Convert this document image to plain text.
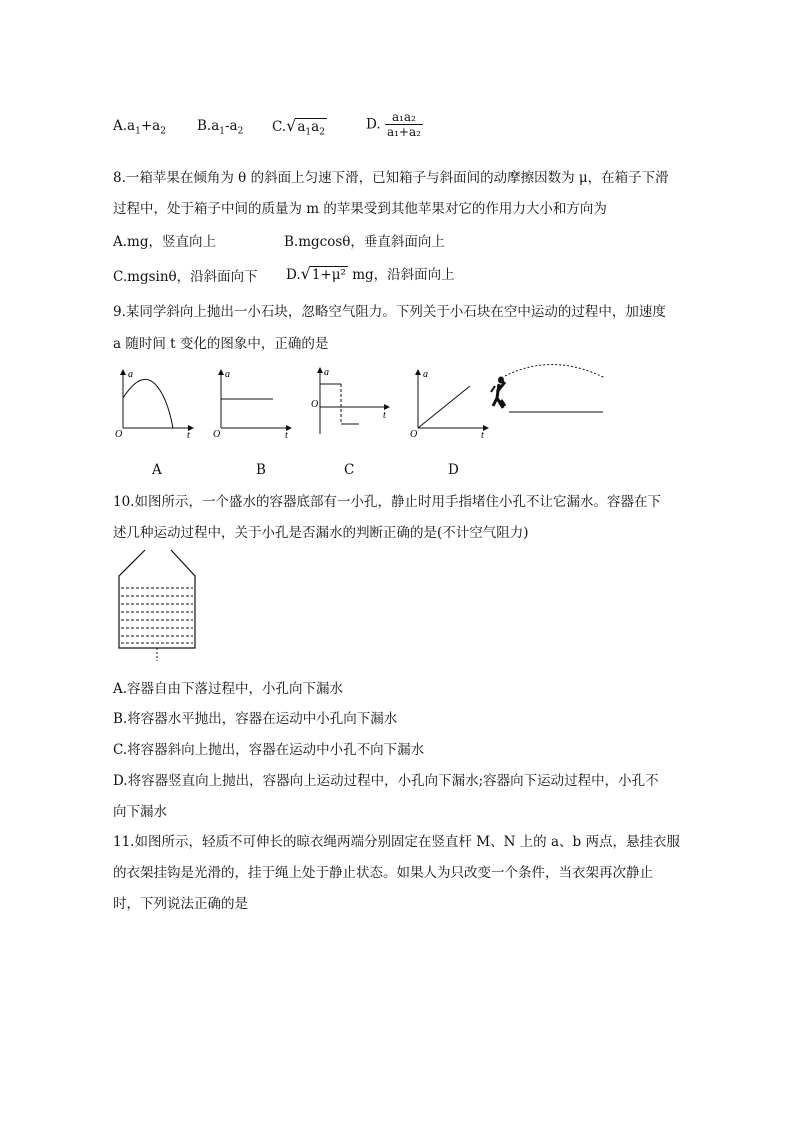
$A.a_1+a_2$ $B.a_1-a_2$ $C.√a_1a_2$
D. $\frac{\text{a₁a₂}}{\text{a₁+a₂}}$
8.一箱苹果在倾角为 θ 的斜面上匀速下滑，已知箱子与斜面间的动摩擦因数为 μ，在箱子下滑
过程中，处于箱子中间的质量为 m 的苹果受到其他苹果对它的作用力大小和方向为
A.mg，竖直向上	B.mgcosθ，垂直斜面向上
C.mgsinθ，沿斜面向下 D.√1+μ² mg，沿斜面向上
9.某同学斜向上抛出一小石块，忽略空气阻力。下列关于小石块在空中运动的过程中，加速度
a 随时间 t 变化的图象中，正确的是
a
t
O
a
t
O
a
t
O
a
t
O
A	B	C	D
10.如图所示，一个盛水的容器底部有一小孔，静止时用手指堵住小孔不让它漏水。容器在下
述几种运动过程中，关于小孔是否漏水的判断正确的是(不计空气阻力)
A.容器自由下落过程中，小孔向下漏水
B.将容器水平抛出，容器在运动中小孔向下漏水
C.将容器斜向上抛出，容器在运动中小孔不向下漏水
D.将容器竖直向上抛出，容器向上运动过程中，小孔向下漏水;容器向下运动过程中，小孔不
向下漏水
11.如图所示，轻质不可伸长的晾衣绳两端分别固定在竖直杆 M、N 上的 a、b 两点，悬挂衣服
的衣架挂钩是光滑的，挂于绳上处于静止状态。如果人为只改变一个条件，当衣架再次静止
时，下列说法正确的是
